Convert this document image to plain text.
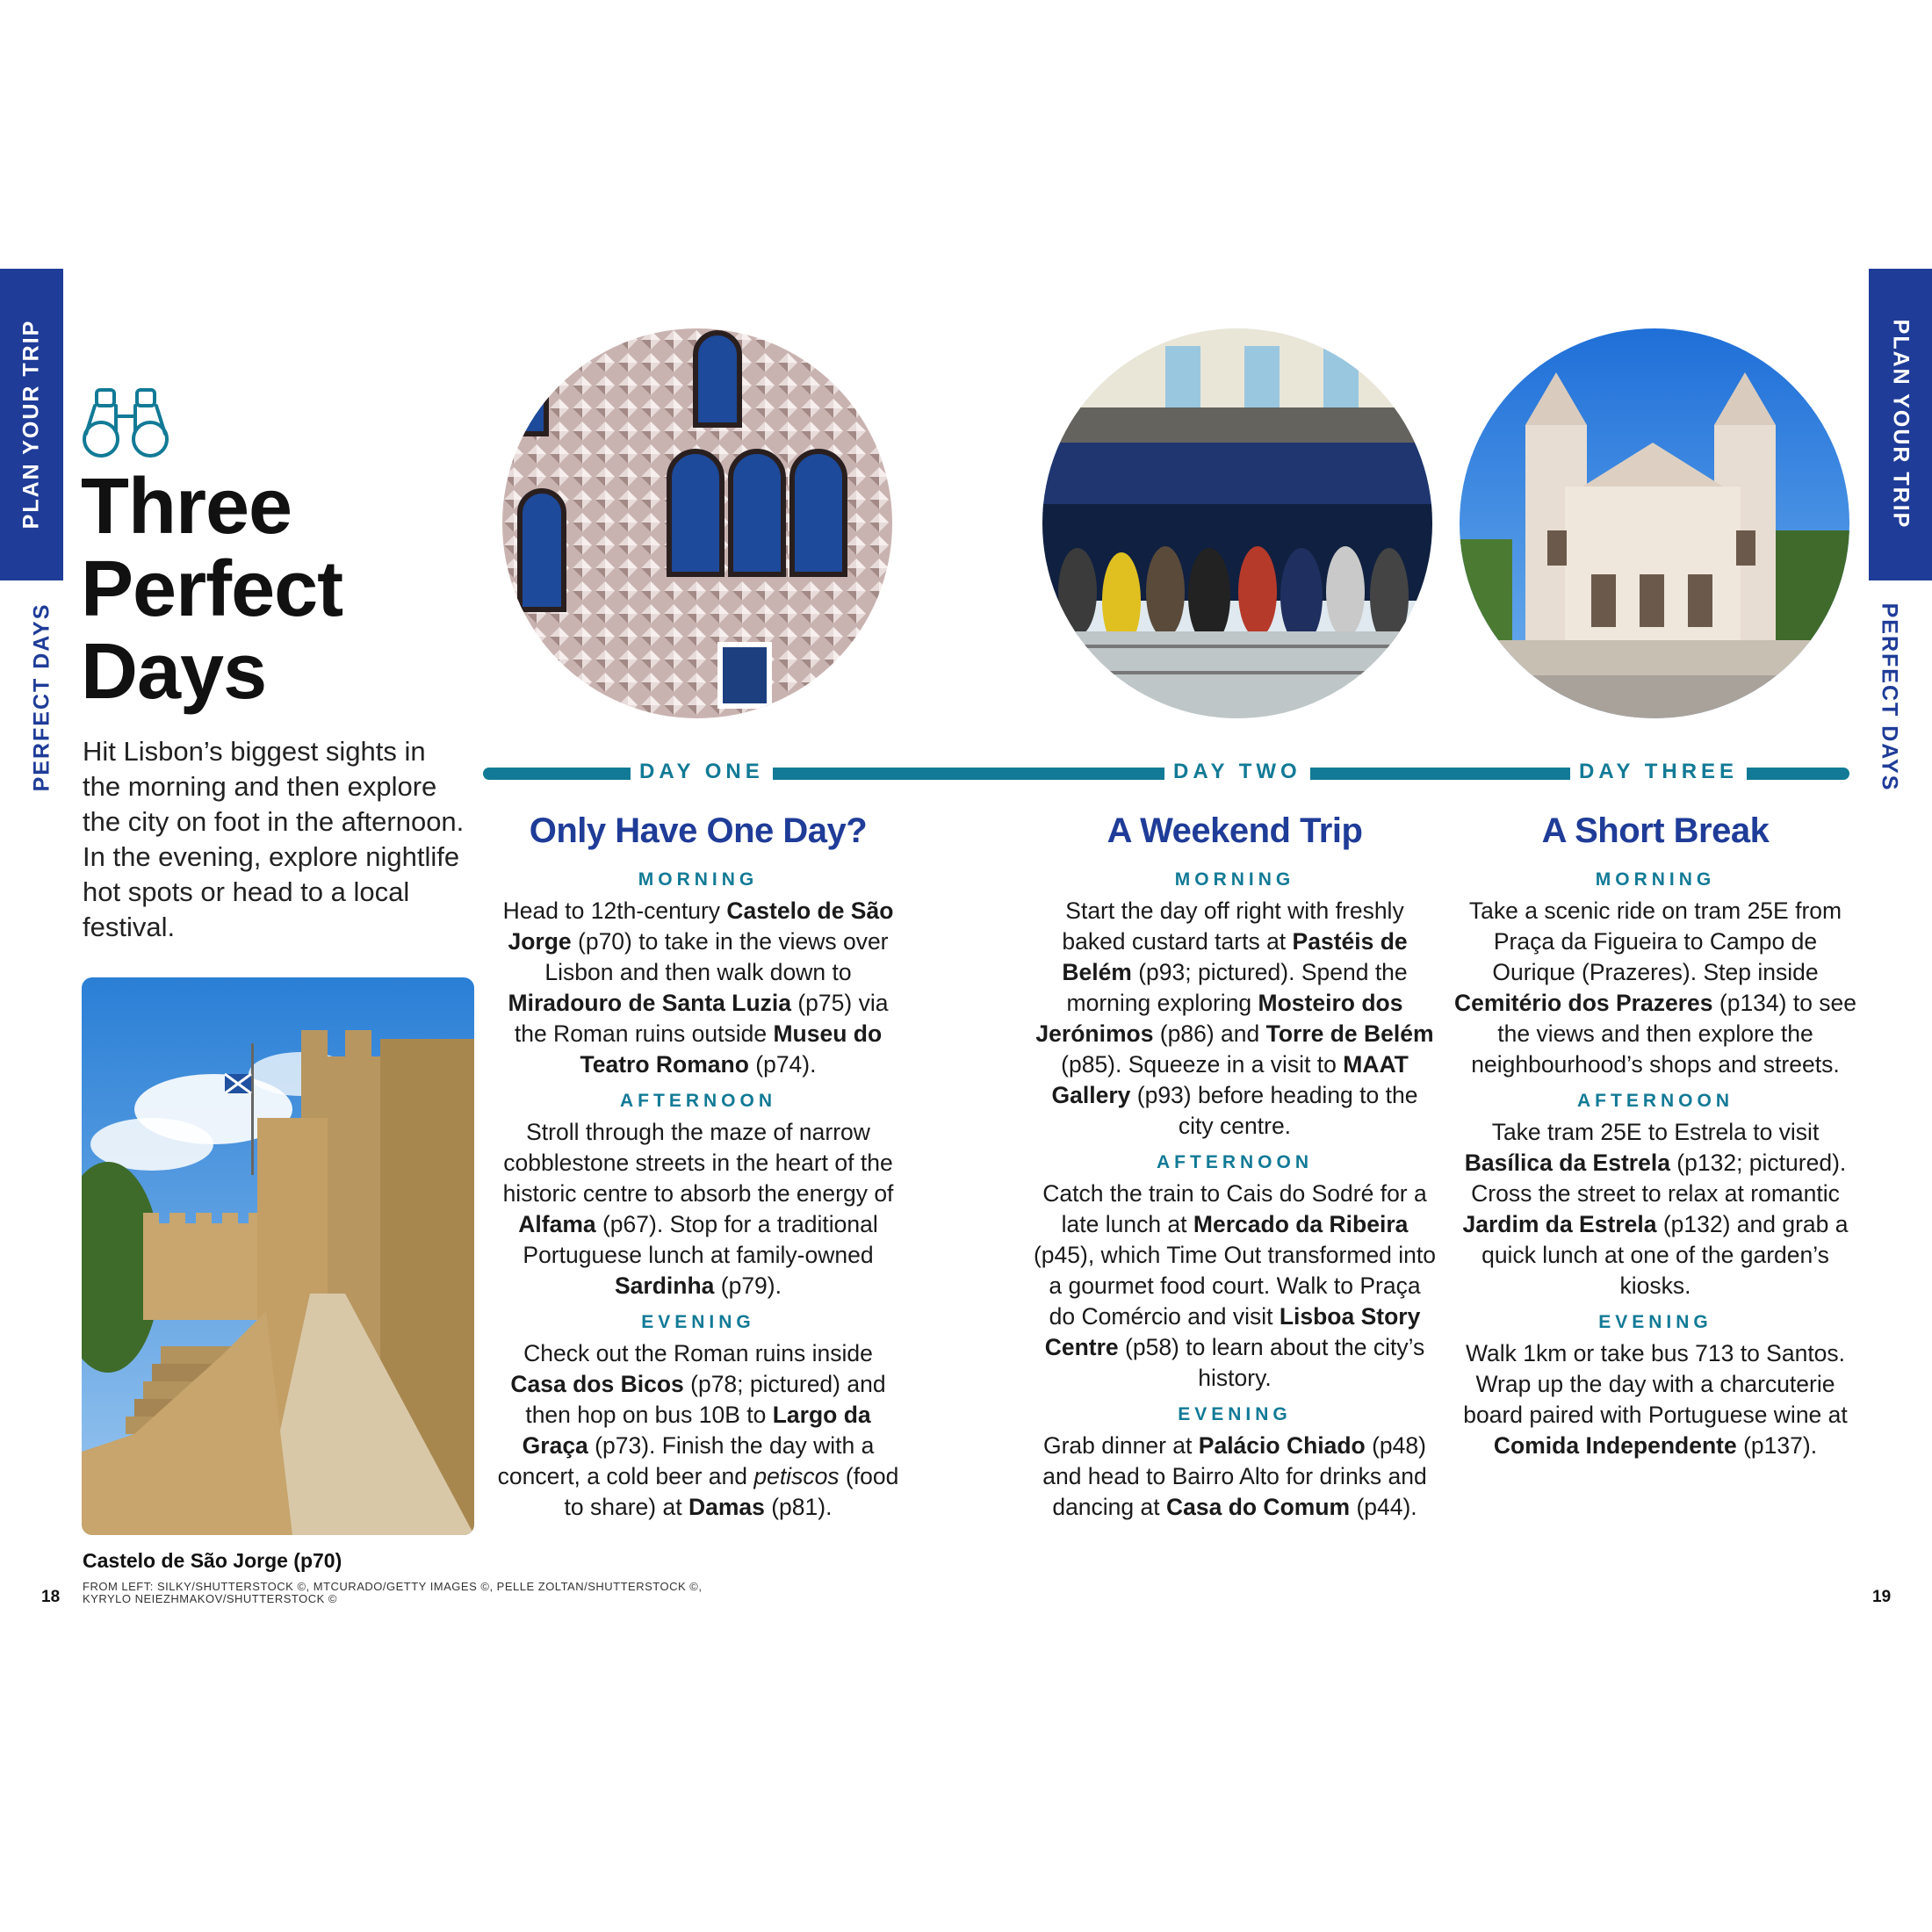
PLAN YOUR TRIP
PERFECT DAYS
PLAN YOUR TRIP
PERFECT DAYS
Three
Perfect
Days
Hit Lisbon’s biggest sights in the morning and then explore the city on foot in the afternoon. In the evening, explore nightlife hot spots or head to a local festival.
Castelo de São Jorge (p70)
FROM LEFT: SILKY/SHUTTERSTOCK ©, MTCURADO/GETTY IMAGES ©, PELLE ZOLTAN/SHUTTERSTOCK ©,
KYRYLO NEIEZHMAKOV/SHUTTERSTOCK ©
18	19
DAY ONE	DAY TWO	DAY THREE
Only Have One Day?
MORNING
Head to 12th-century Castelo de São Jorge (p70) to take in the views over Lisbon and then walk down to Miradouro de Santa Luzia (p75) via the Roman ruins outside Museu do Teatro Romano (p74).
AFTERNOON
Stroll through the maze of narrow cobblestone streets in the heart of the historic centre to absorb the energy of Alfama (p67). Stop for a traditional Portuguese lunch at family-owned Sardinha (p79).
EVENING
Check out the Roman ruins inside Casa dos Bicos (p78; pictured) and then hop on bus 10B to Largo da Graça (p73). Finish the day with a concert, a cold beer and petiscos (food to share) at Damas (p81).
A Weekend Trip
MORNING
Start the day off right with freshly baked custard tarts at Pastéis de Belém (p93; pictured). Spend the morning exploring Mosteiro dos Jerónimos (p86) and Torre de Belém (p85). Squeeze in a visit to MAAT Gallery (p93) before heading to the city centre.
AFTERNOON
Catch the train to Cais do Sodré for a late lunch at Mercado da Ribeira (p45), which Time Out transformed into a gourmet food court. Walk to Praça do Comércio and visit Lisboa Story Centre (p58) to learn about the city’s history.
EVENING
Grab dinner at Palácio Chiado (p48) and head to Bairro Alto for drinks and dancing at Casa do Comum (p44).
A Short Break
MORNING
Take a scenic ride on tram 25E from Praça da Figueira to Campo de Ourique (Prazeres). Step inside Cemitério dos Prazeres (p134) to see the views and then explore the neighbourhood’s shops and streets.
AFTERNOON
Take tram 25E to Estrela to visit Basílica da Estrela (p132; pictured). Cross the street to relax at romantic Jardim da Estrela (p132) and grab a quick lunch at one of the garden’s kiosks.
EVENING
Walk 1km or take bus 713 to Santos. Wrap up the day with a charcuterie board paired with Portuguese wine at Comida Independente (p137).
